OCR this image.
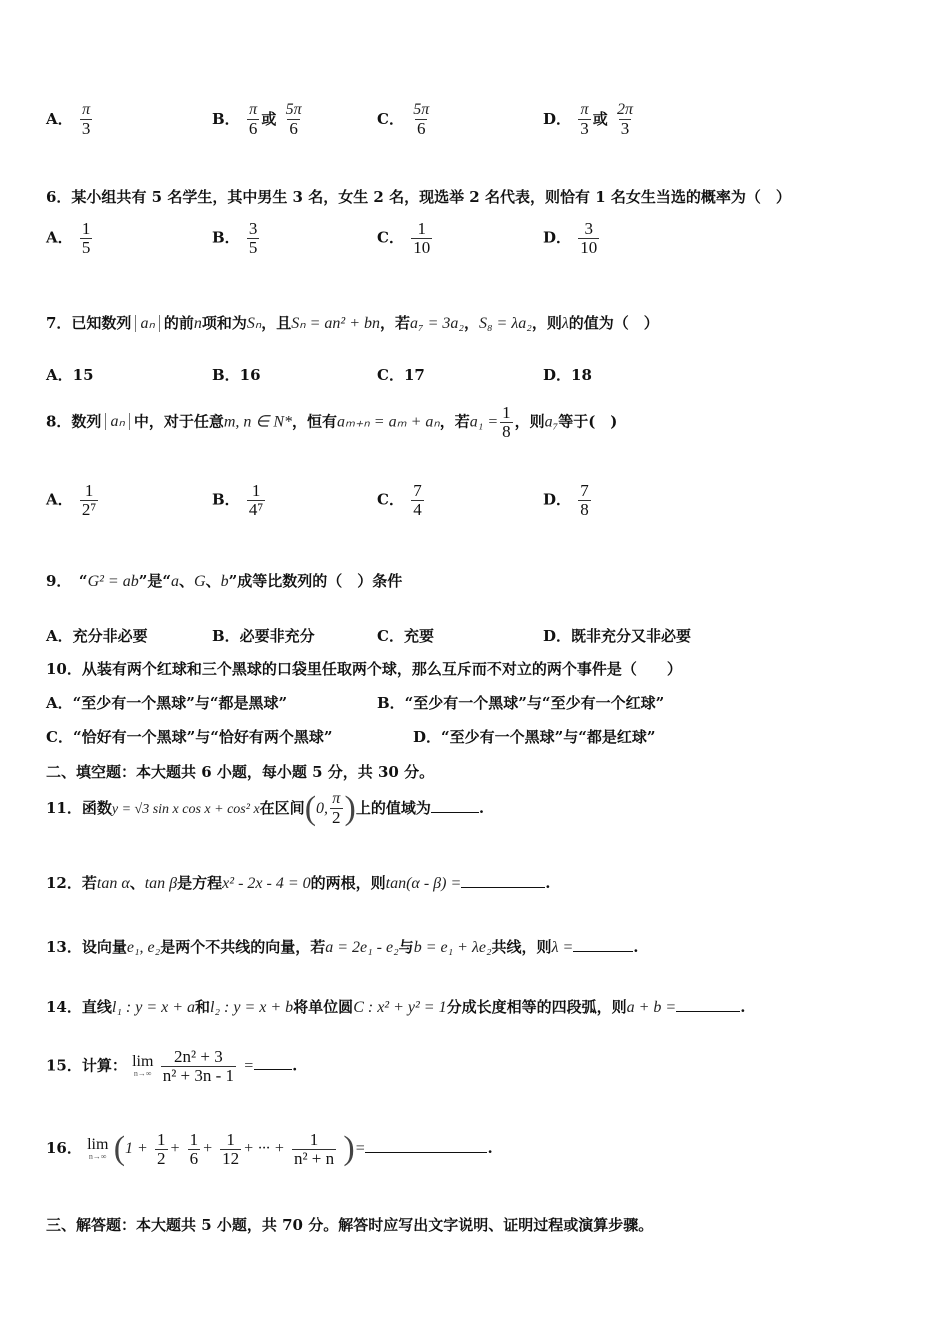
A． $\frac{\pi}{3}$	B． $\frac{\pi}{6}$ 或 $\frac{5\pi}{6}$	C． $\frac{5\pi}{6}$	D． $\frac{\pi}{3}$ 或 $\frac{2\pi}{3}$
6．某小组共有 5 名学生，其中男生 3 名，女生 2 名，现选举 2 名代表，则恰有 1 名女生当选的概率为（　）
A． $\frac{1}{5}$	B． $\frac{3}{5}$	C． $\frac{1}{10}$	D． $\frac{3}{10}$
7．已知数列 aₙ 的前n项和为Sₙ，且Sₙ = an² + bn，若a₇ = 3a₂，S₈ = λa₂，则λ的值为（　）
A．15	B．16	C．17	D．18
8．数列 aₙ 中，对于任意m, n ∈ N*，恒有aₘ₊ₙ = aₘ + aₙ，若$a_1 = \frac{1}{8}$ ，则a₇等于(　)
A． $\frac{1}{\text{2⁷}}$	B． $\frac{1}{\text{4⁷}}$	C． $\frac{7}{4}$	D． $\frac{7}{8}$
9．　“G² = ab”是“a、G、b”成等比数列的（　）条件
A．充分非必要	B．必要非充分	C．充要	D．既非充分又非必要
10．从装有两个红球和三个黑球的口袋里任取两个球，那么互斥而不对立的两个事件是（　　）
A．“至少有一个黑球”与“都是黑球”	B．“至少有一个黑球”与“至少有一个红球”
C．“恰好有一个黑球”与“恰好有两个黑球”	D．“至少有一个黑球”与“都是红球”
二、填空题：本大题共 6 小题，每小题 5 分，共 30 分。
11．函数y = √3 sin x cos x + cos² x在区间(0, $\frac{\pi}{2}$ )上的值域为	.
12．若tan α、tan β是方程x² - 2x - 4 = 0的两根，则tan(α - β) =	.
13．设向量e₁, e₂是两个不共线的向量，若a = 2e₁ - e₂与b = e₁ + λe₂共线，则λ =	.
14．直线l₁ : y = x + a和l₂ : y = x + b将单位圆C : x² + y² = 1分成长度相等的四段弧，则a + b =	.
15．计算： lim
n→∞
$\frac{\text{2n² + 3}}{\text{n² + 3n - 1}}$ =	.
16． lim
n→∞ ($1 + \frac{1}{2} + \frac{1}{6} + \frac{1}{12}$ + ··· + $\frac{1}{\text{n² + n}}$ )=	.
三、解答题：本大题共 5 小题，共 70 分。解答时应写出文字说明、证明过程或演算步骤。
